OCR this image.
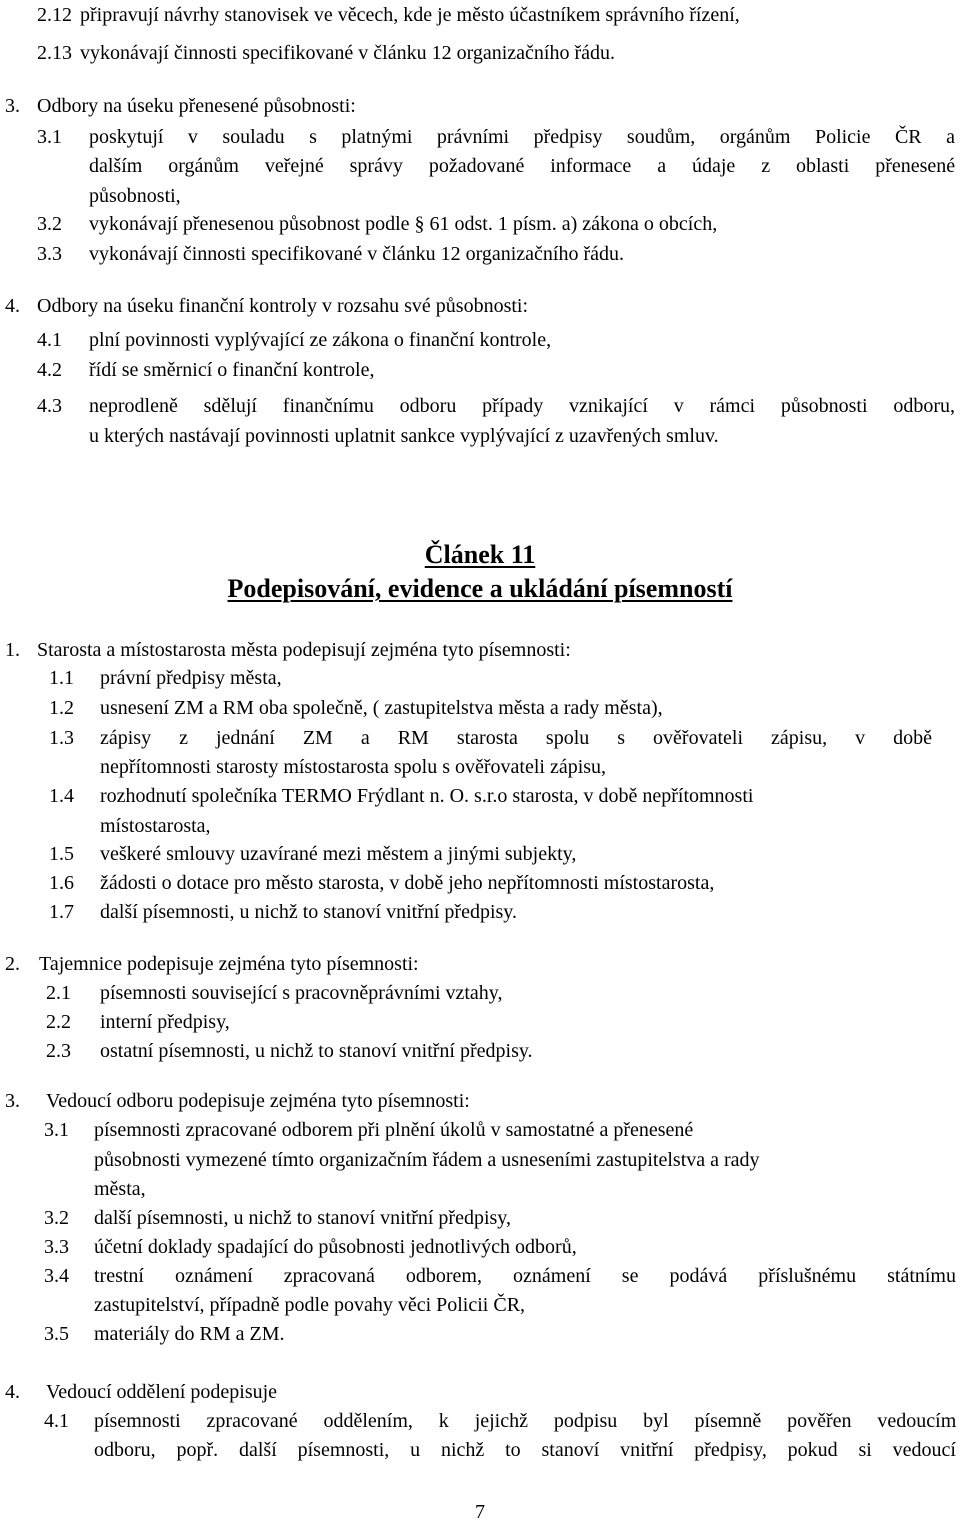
2.12 připravují návrhy stanovisek ve věcech, kde je město účastníkem správního řízení,
2.13 vykonávají činnosti specifikované v článku 12 organizačního řádu.
3. Odbory na úseku přenesené působnosti:
3.1 poskytují v souladu s platnými právními předpisy soudům, orgánům Policie ČR a
dalším orgánům veřejné správy požadované informace a údaje z oblasti přenesené
působnosti,
3.2 vykonávají přenesenou působnost podle § 61 odst. 1 písm. a) zákona o obcích,
3.3 vykonávají činnosti specifikované v článku 12 organizačního řádu.
4. Odbory na úseku finanční kontroly v rozsahu své působnosti:
4.1 plní povinnosti vyplývající ze zákona o finanční kontrole,
4.2 řídí se směrnicí o finanční kontrole,
4.3 neprodleně sdělují finančnímu odboru případy vznikající v rámci působnosti odboru,
u kterých nastávají povinnosti uplatnit sankce vyplývající z uzavřených smluv.
Článek 11
Podepisování, evidence a ukládání písemností
1. Starosta a místostarosta města podepisují zejména tyto písemnosti:
1.1 právní předpisy města,
1.2 usnesení ZM a RM oba společně, ( zastupitelstva města a rady města),
1.3 zápisy z jednání ZM a RM starosta spolu s ověřovateli zápisu, v době
nepřítomnosti starosty místostarosta spolu s ověřovateli zápisu,
1.4 rozhodnutí společníka TERMO Frýdlant n. O. s.r.o starosta, v době nepřítomnosti
místostarosta,
1.5 veškeré smlouvy uzavírané mezi městem a jinými subjekty,
1.6 žádosti o dotace pro město starosta, v době jeho nepřítomnosti místostarosta,
1.7 další písemnosti, u nichž to stanoví vnitřní předpisy.
2. Tajemnice podepisuje zejména tyto písemnosti:
2.1 písemnosti související s pracovněprávními vztahy,
2.2 interní předpisy,
2.3 ostatní písemnosti, u nichž to stanoví vnitřní předpisy.
3. Vedoucí odboru podepisuje zejména tyto písemnosti:
3.1 písemnosti zpracované odborem při plnění úkolů v samostatné a přenesené
působnosti vymezené tímto organizačním řádem a usneseními zastupitelstva a rady
města,
3.2 další písemnosti, u nichž to stanoví vnitřní předpisy,
3.3 účetní doklady spadající do působnosti jednotlivých odborů,
3.4 trestní oznámení zpracovaná odborem, oznámení se podává příslušnému státnímu
zastupitelství, případně podle povahy věci Policii ČR,
3.5 materiály do RM a ZM.
4. Vedoucí oddělení podepisuje
4.1 písemnosti zpracované oddělením, k jejichž podpisu byl písemně pověřen vedoucím
odboru, popř. další písemnosti, u nichž to stanoví vnitřní předpisy, pokud si vedoucí
7
